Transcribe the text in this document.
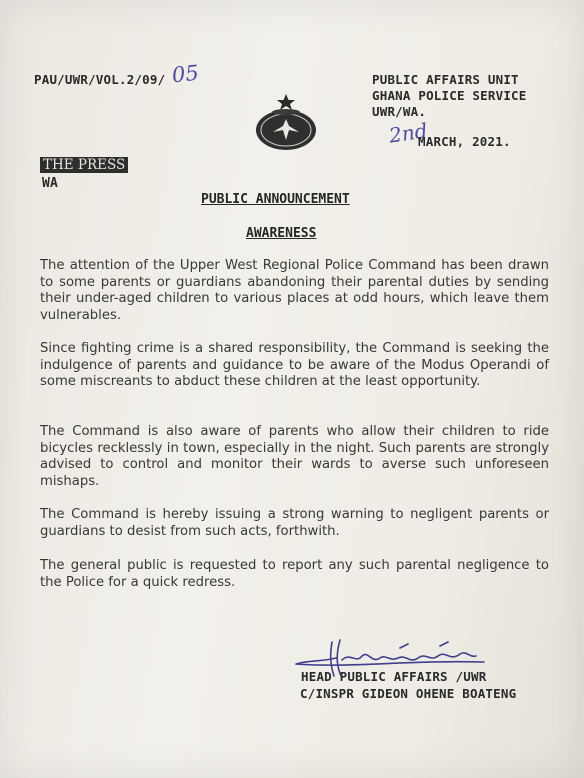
PAU/UWR/VOL.2/09/ 05	PUBLIC AFFAIRS UNIT
GHANA POLICE SERVICE
UWR/WA.
2nd
MARCH, 2021.
THE PRESS
WA
PUBLIC ANNOUNCEMENT
AWARENESS

The attention of the Upper West Regional Police Command has been drawn to some parents or guardians abandoning their parental duties by sending their under-aged children to various places at odd hours, which leave them vulnerables.

Since fighting crime is a shared responsibility, the Command is seeking the indulgence of parents and guidance to be aware of the Modus Operandi of some miscreants to abduct these children at the least opportunity.

The Command is also aware of parents who allow their children to ride bicycles recklessly in town, especially in the night. Such parents are strongly advised to control and monitor their wards to averse such unforeseen mishaps.

The Command is hereby issuing a strong warning to negligent parents or guardians to desist from such acts, forthwith.

The general public is requested to report any such parental negligence to the Police for a quick redress.

HEAD PUBLIC AFFAIRS /UWR
C/INSPR GIDEON OHENE BOATENG
